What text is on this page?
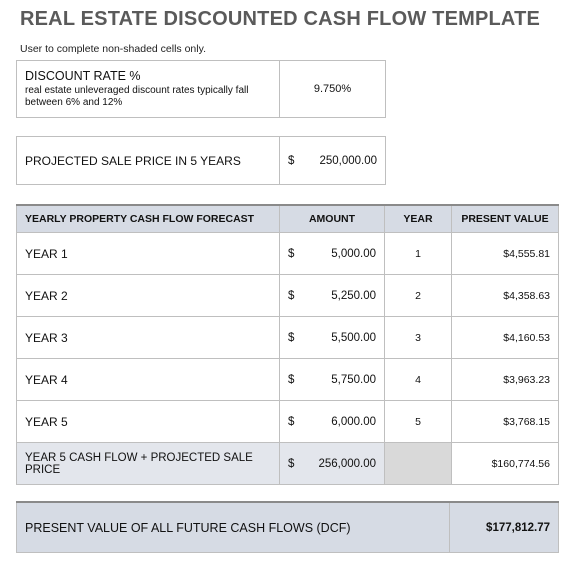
REAL ESTATE DISCOUNTED CASH FLOW TEMPLATE
User to complete non-shaded cells only.
DISCOUNT RATE %
real estate unleveraged discount rates typically fall between 6% and 12%
	9.750%
PROJECTED SALE PRICE IN 5 YEARS	$	250,000.00
YEARLY PROPERTY CASH FLOW FORECAST	AMOUNT		YEAR	PRESENT VALUE
YEAR 1	$	5,000.00	1	$4,555.81
YEAR 2	$	5,250.00	2	$4,358.63
YEAR 3	$	5,500.00	3	$4,160.53
YEAR 4	$	5,750.00	4	$3,963.23
YEAR 5	$	6,000.00	5	$3,768.15
YEAR 5 CASH FLOW + PROJECTED SALE PRICE	$	256,000.00		$160,774.56
PRESENT VALUE OF ALL FUTURE CASH FLOWS (DCF)	$177,812.77
